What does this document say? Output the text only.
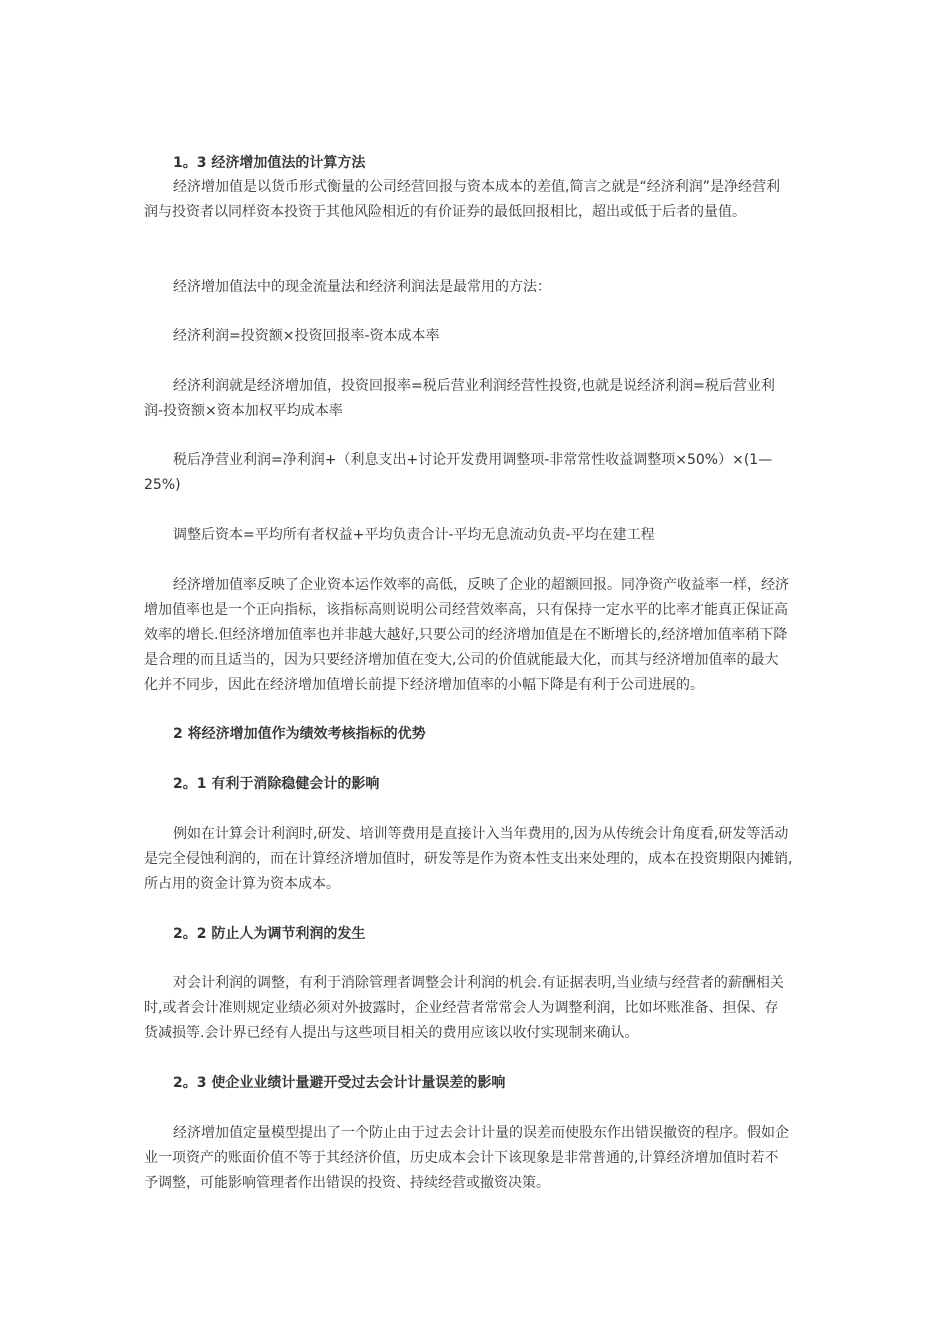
1。3 经济增加值法的计算方法
经济增加值是以货币形式衡量的公司经营回报与资本成本的差值,简言之就是“经济利润”是净经营利
润与投资者以同样资本投资于其他风险相近的有价证券的最低回报相比，超出或低于后者的量值。
经济增加值法中的现金流量法和经济利润法是最常用的方法：
经济利润=投资额×投资回报率-资本成本率
经济利润就是经济增加值，投资回报率=税后营业利润经营性投资,也就是说经济利润=税后营业利
润-投资额×资本加权平均成本率
税后净营业利润=净利润+（利息支出+讨论开发费用调整项-非常常性收益调整项×50%）×(1—
25%)
调整后资本=平均所有者权益+平均负责合计-平均无息流动负责-平均在建工程
经济增加值率反映了企业资本运作效率的高低，反映了企业的超额回报。同净资产收益率一样，经济
增加值率也是一个正向指标，该指标高则说明公司经营效率高，只有保持一定水平的比率才能真正保证高
效率的增长.但经济增加值率也并非越大越好,只要公司的经济增加值是在不断增长的,经济增加值率稍下降
是合理的而且适当的，因为只要经济增加值在变大,公司的价值就能最大化，而其与经济增加值率的最大
化并不同步，因此在经济增加值增长前提下经济增加值率的小幅下降是有利于公司进展的。
2 将经济增加值作为绩效考核指标的优势
2。1 有利于消除稳健会计的影响
例如在计算会计利润时,研发、培训等费用是直接计入当年费用的,因为从传统会计角度看,研发等活动
是完全侵蚀利润的，而在计算经济增加值时，研发等是作为资本性支出来处理的，成本在投资期限内摊销,
所占用的资金计算为资本成本。
2。2 防止人为调节利润的发生
对会计利润的调整，有利于消除管理者调整会计利润的机会.有证据表明,当业绩与经营者的薪酬相关
时,或者会计准则规定业绩必须对外披露时，企业经营者常常会人为调整利润，比如坏账准备、担保、存
货减损等.会计界已经有人提出与这些项目相关的费用应该以收付实现制来确认。
2。3 使企业业绩计量避开受过去会计计量误差的影响
经济增加值定量模型提出了一个防止由于过去会计计量的误差而使股东作出错误撤资的程序。假如企
业一项资产的账面价值不等于其经济价值，历史成本会计下该现象是非常普通的,计算经济增加值时若不
予调整，可能影响管理者作出错误的投资、持续经营或撤资决策。
